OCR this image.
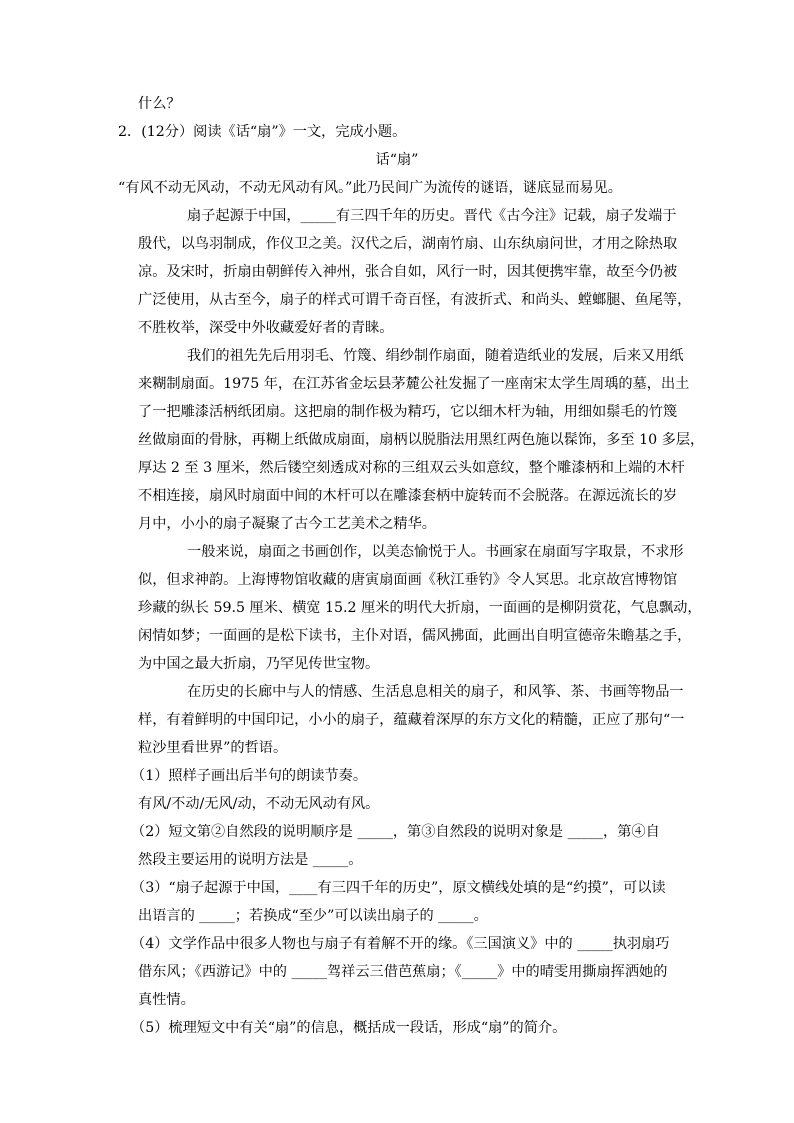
什么？
2．(12分）阅读《话“扇”》一文，完成小题。
话“扇”
“有风不动无风动，不动无风动有风。”此乃民间广为流传的谜语，谜底显而易见。
扇子起源于中国，_____有三四千年的历史。晋代《古今注》记载，扇子发端于
殷代，以鸟羽制成，作仪卫之美。汉代之后，湖南竹扇、山东纨扇问世，才用之除热取
凉。及宋时，折扇由朝鲜传入神州，张合自如，风行一时，因其便携牢靠，故至今仍被
广泛使用，从古至今，扇子的样式可谓千奇百怪，有波折式、和尚头、螳螂腿、鱼尾等，
不胜枚举，深受中外收藏爱好者的青睐。
我们的祖先先后用羽毛、竹篾、绢纱制作扇面，随着造纸业的发展，后来又用纸
来糊制扇面。1975 年，在江苏省金坛县茅麓公社发掘了一座南宋太学生周瑀的墓，出土
了一把雕漆活柄纸团扇。这把扇的制作极为精巧，它以细木杆为轴，用细如鬃毛的竹篾
丝做扇面的骨脉，再糊上纸做成扇面，扇柄以脱脂法用黑红两色施以髹饰，多至 10 多层，
厚达 2 至 3 厘米，然后镂空刻透成对称的三组双云头如意纹，整个雕漆柄和上端的木杆
不相连接，扇风时扇面中间的木杆可以在雕漆套柄中旋转而不会脱落。在源远流长的岁
月中，小小的扇子凝聚了古今工艺美术之精华。
一般来说，扇面之书画创作，以美态愉悦于人。书画家在扇面写字取景，不求形
似，但求神韵。上海博物馆收藏的唐寅扇面画《秋江垂钓》令人冥思。北京故宫博物馆
珍藏的纵长 59.5 厘米、横宽 15.2 厘米的明代大折扇，一面画的是柳阴赏花，气息飘动，
闲情如梦；一面画的是松下读书，主仆对语，儒风拂面，此画出自明宣德帝朱瞻基之手，
为中国之最大折扇，乃罕见传世宝物。
在历史的长廊中与人的情感、生活息息相关的扇子，和风筝、茶、书画等物品一
样，有着鲜明的中国印记，小小的扇子，蕴藏着深厚的东方文化的精髓，正应了那句“一
粒沙里看世界”的哲语。
（1）照样子画出后半句的朗读节奏。
有风/不动/无风/动，不动无风动有风。
（2）短文第②自然段的说明顺序是 _____，第③自然段的说明对象是 _____，第④自
然段主要运用的说明方法是 _____。
（3）“扇子起源于中国，____有三四千年的历史”，原文横线处填的是“约摸”，可以读
出语言的 _____；若换成“至少”可以读出扇子的 _____。
（4）文学作品中很多人物也与扇子有着解不开的缘。《三国演义》中的 _____执羽扇巧
借东风；《西游记》中的 _____驾祥云三借芭蕉扇；《_____》中的晴雯用撕扇挥洒她的
真性情。
（5）梳理短文中有关“扇”的信息，概括成一段话，形成“扇”的简介。
